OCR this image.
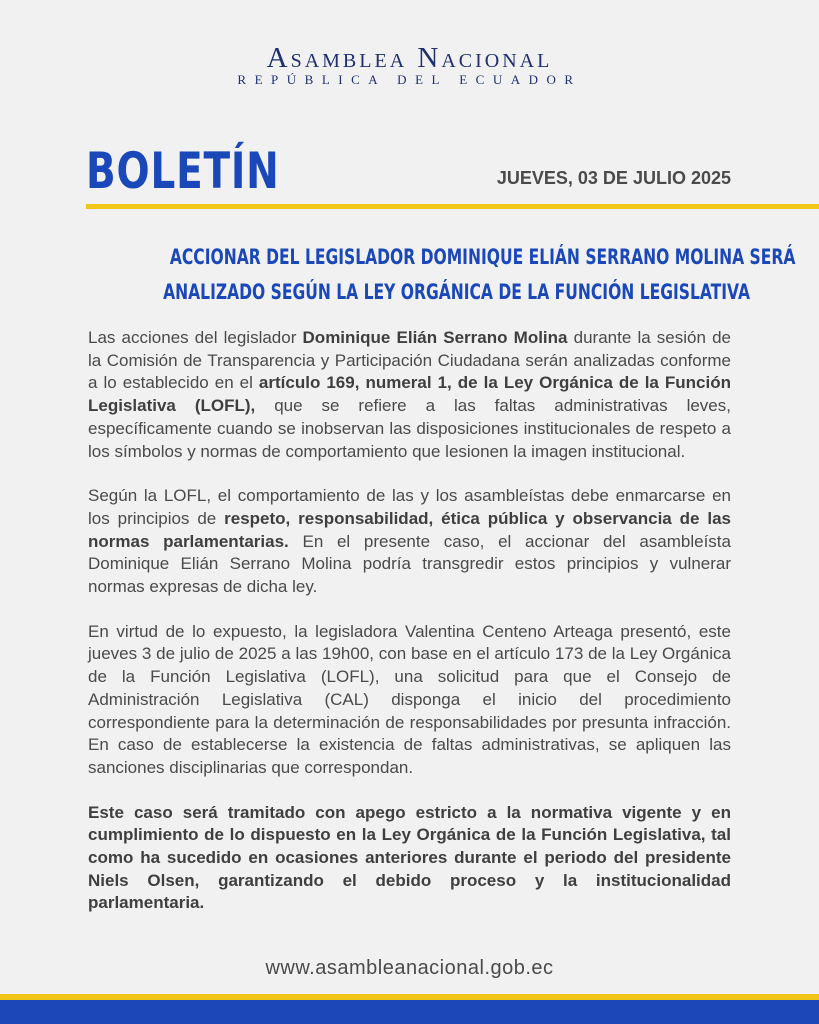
Asamblea Nacional
REPÚBLICA DEL ECUADOR
BOLETÍN	JUEVES, 03 DE JULIO 2025
ACCIONAR DEL LEGISLADOR DOMINIQUE ELIÁN SERRANO MOLINA SERÁ
ANALIZADO SEGÚN LA LEY ORGÁNICA DE LA FUNCIÓN LEGISLATIVA

Las acciones del legislador Dominique Elián Serrano Molina durante la sesión de la Comisión de Transparencia y Participación Ciudadana serán analizadas conforme a lo establecido en el artículo 169, numeral 1, de la Ley Orgánica de la Función Legislativa (LOFL), que se refiere a las faltas administrativas leves, específicamente cuando se inobservan las disposiciones institucionales de respeto a los símbolos y normas de comportamiento que lesionen la imagen institucional.

Según la LOFL, el comportamiento de las y los asambleístas debe enmarcarse en los principios de respeto, responsabilidad, ética pública y observancia de las normas parlamentarias. En el presente caso, el accionar del asambleísta Dominique Elián Serrano Molina podría transgredir estos principios y vulnerar normas expresas de dicha ley.

En virtud de lo expuesto, la legisladora Valentina Centeno Arteaga presentó, este jueves 3 de julio de 2025 a las 19h00, con base en el artículo 173 de la Ley Orgánica de la Función Legislativa (LOFL), una solicitud para que el Consejo de Administración Legislativa (CAL) disponga el inicio del procedimiento correspondiente para la determinación de responsabilidades por presunta infracción. En caso de establecerse la existencia de faltas administrativas, se apliquen las sanciones disciplinarias que correspondan.

Este caso será tramitado con apego estricto a la normativa vigente y en cumplimiento de lo dispuesto en la Ley Orgánica de la Función Legislativa, tal como ha sucedido en ocasiones anteriores durante el periodo del presidente Niels Olsen, garantizando el debido proceso y la institucionalidad parlamentaria.

www.asambleanacional.gob.ec
